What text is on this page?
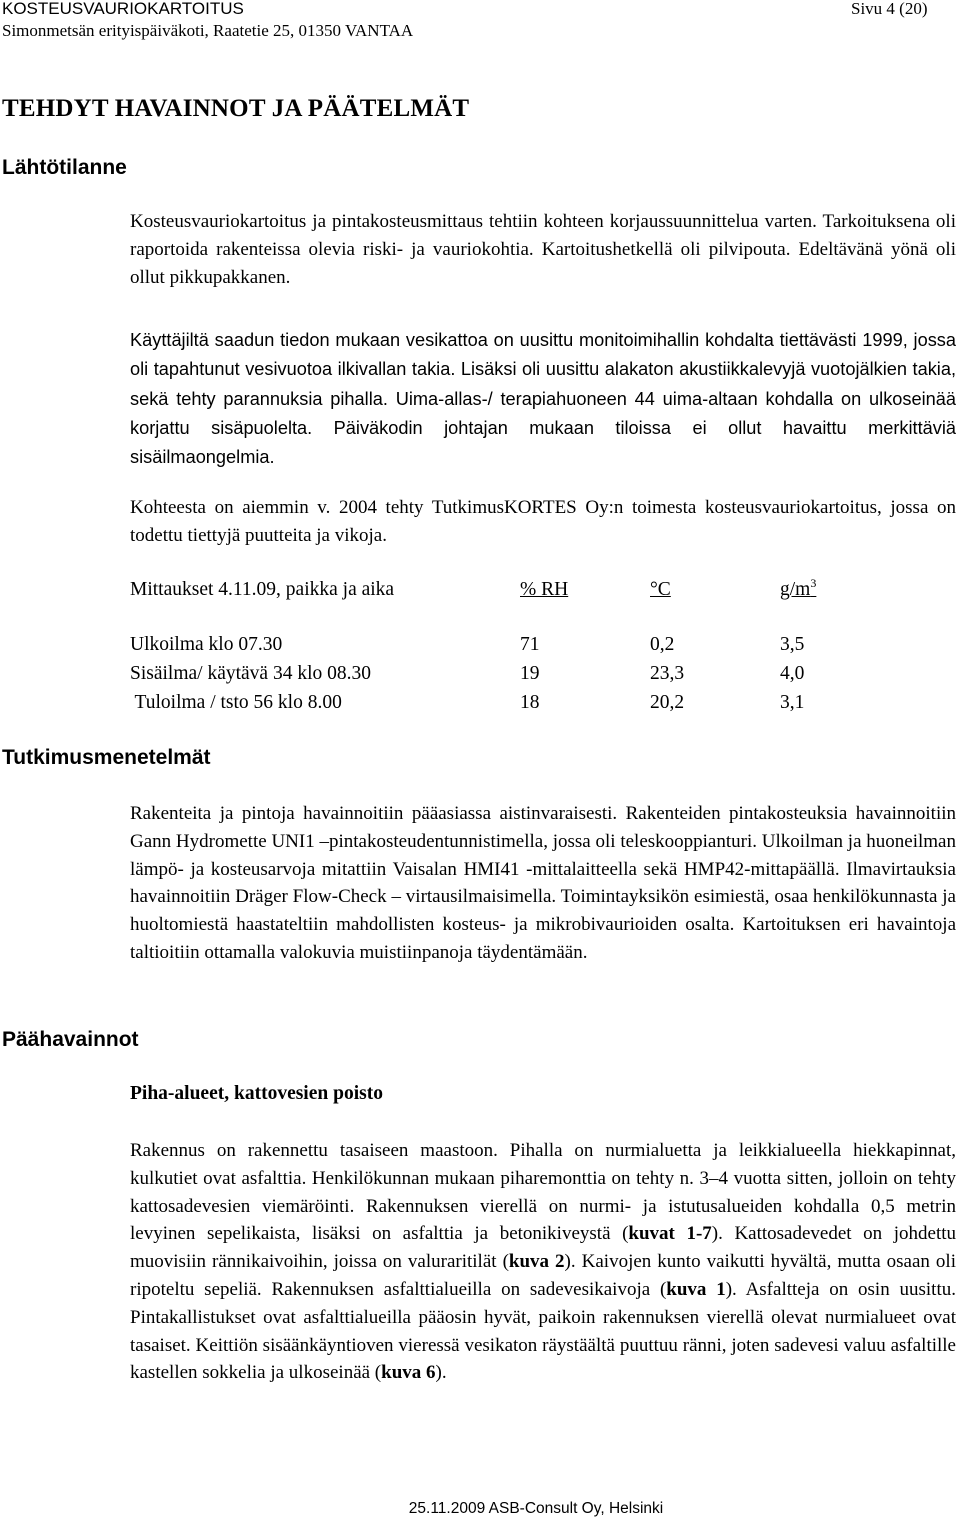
KOSTEUSVAURIOKARTOITUS
Simonmetsän erityispäiväkoti, Raatetie 25, 01350 VANTAA
Sivu 4 (20)
TEHDYT HAVAINNOT JA PÄÄTELMÄT
Lähtötilanne
Tutkimusmenetelmät
Päähavainnot

Kosteusvauriokartoitus ja pintakosteusmittaus tehtiin kohteen korjaussuunnittelua varten. Tarkoituksena oli raportoida rakenteissa olevia riski- ja vauriokohtia. Kartoitushetkellä oli pilvipouta. Edeltävänä yönä oli ollut pikkupakkanen.

Käyttäjiltä saadun tiedon mukaan vesikattoa on uusittu monitoimihallin kohdalta tiettävästi 1999, jossa oli tapahtunut vesivuotoa ilkivallan takia. Lisäksi oli uusittu alakaton akustiikkalevyjä vuotojälkien takia, sekä tehty parannuksia pihalla. Uima-allas-/ terapiahuoneen 44 uima-altaan kohdalla on ulkoseinää korjattu sisäpuolelta. Päiväkodin johtajan mukaan tiloissa ei ollut havaittu merkittäviä sisäilmaongelmia.

Kohteesta on aiemmin v. 2004 tehty TutkimusKORTES Oy:n toimesta kosteusvauriokartoitus, jossa on todettu tiettyjä puutteita ja vikoja.

Mittaukset 4.11.09, paikka ja aika	% RH	°C	$g/m^3$
Ulkoilma klo 07.30	71	0,2	3,5
Sisäilma/ käytävä 34 klo 08.30	19	23,3	4,0
Tuloilma / tsto 56 klo 8.00	18	20,2	3,1

Rakenteita ja pintoja havainnoitiin pääasiassa aistinvaraisesti. Rakenteiden pintakosteuksia havainnoitiin Gann Hydromette UNI1 –pintakosteudentunnistimella, jossa oli teleskooppianturi. Ulkoilman ja huoneilman lämpö- ja kosteusarvoja mitattiin Vaisalan HMI41 -mittalaitteella sekä HMP42-mittapäällä. Ilmavirtauksia havainnoitiin Dräger Flow-Check – virtausilmaisimella. Toimintayksikön esimiestä, osaa henkilökunnasta ja huoltomiestä haastateltiin mahdollisten kosteus- ja mikrobivaurioiden osalta. Kartoituksen eri havaintoja taltioitiin ottamalla valokuvia muistiinpanoja täydentämään.

Piha-alueet, kattovesien poisto

Rakennus on rakennettu tasaiseen maastoon. Pihalla on nurmialuetta ja leikkialueella hiekkapinnat, kulkutiet ovat asfalttia. Henkilökunnan mukaan piharemonttia on tehty n. 3–4 vuotta sitten, jolloin on tehty kattosadevesien viemäröinti. Rakennuksen vierellä on nurmi- ja istutusalueiden kohdalla 0,5 metrin levyinen sepelikaista, lisäksi on asfalttia ja betonikiveystä (kuvat 1-7). Kattosadevedet on johdettu muovisiin rännikaivoihin, joissa on valuraritilät (kuva 2). Kaivojen kunto vaikutti hyvältä, mutta osaan oli ripoteltu sepeliä. Rakennuksen asfalttialueilla on sadevesikaivoja (kuva 1). Asfaltteja on osin uusittu. Pintakallistukset ovat asfalttialueilla pääosin hyvät, paikoin rakennuksen vierellä olevat nurmialueet ovat tasaiset. Keittiön sisäänkäyntioven vieressä vesikaton räystäältä puuttuu ränni, joten sadevesi valuu asfaltille kastellen sokkelia ja ulkoseinää (kuva 6).

25.11.2009 ASB-Consult Oy, Helsinki
